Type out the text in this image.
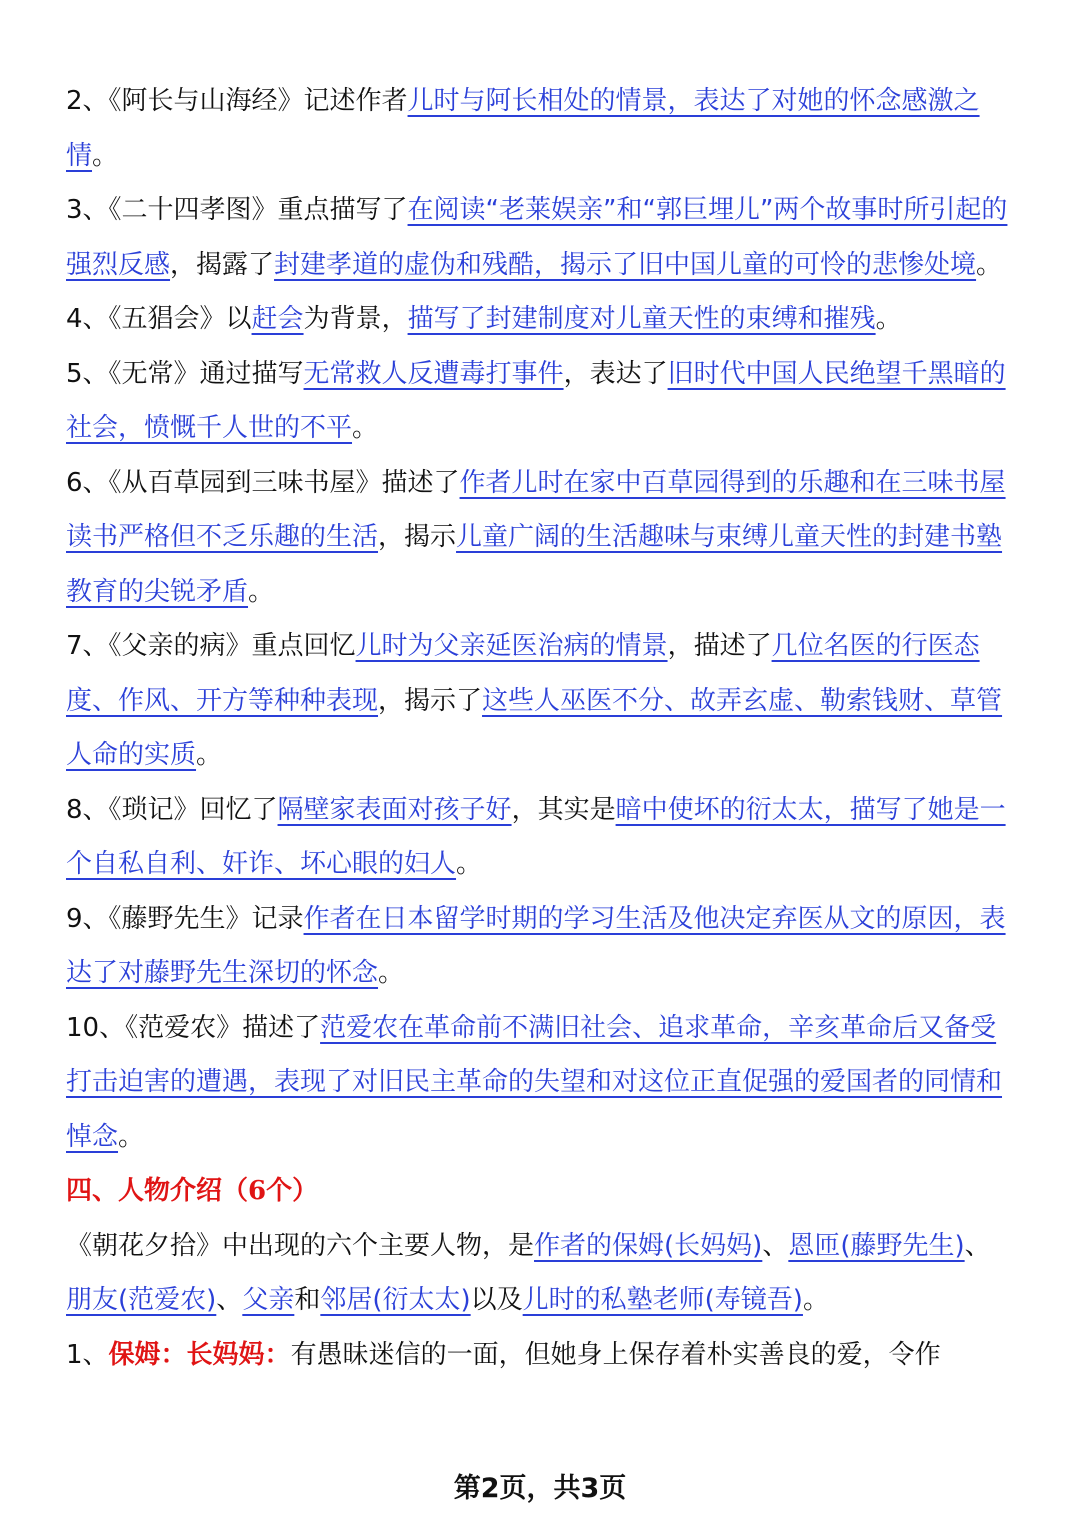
2、《阿长与山海经》记述作者儿时与阿长相处的情景，表达了对她的怀念感激之情。

3、《二十四孝图》重点描写了在阅读“老莱娱亲”和“郭巨埋儿”两个故事时所引起的强烈反感，揭露了封建孝道的虚伪和残酷，揭示了旧中国儿童的可怜的悲惨处境。

4、《五猖会》以赶会为背景，描写了封建制度对儿童天性的束缚和摧残。

5、《无常》通过描写无常救人反遭毒打事件，表达了旧时代中国人民绝望千黑暗的社会，愤慨千人世的不平。

6、《从百草园到三味书屋》描述了作者儿时在家中百草园得到的乐趣和在三味书屋读书严格但不乏乐趣的生活，揭示儿童广阔的生活趣味与束缚儿童天性的封建书塾教育的尖锐矛盾。

7、《父亲的病》重点回忆儿时为父亲延医治病的情景，描述了几位名医的行医态度、作风、开方等种种表现，揭示了这些人巫医不分、故弄玄虚、勒索钱财、草管人命的实质。

8、《琐记》回忆了隔壁家表面对孩子好，其实是暗中使坏的衍太太，描写了她是一个自私自利、奸诈、坏心眼的妇人。

9、《藤野先生》记录作者在日本留学时期的学习生活及他决定弃医从文的原因，表达了对藤野先生深切的怀念。

10、《范爱农》描述了范爱农在革命前不满旧社会、追求革命，辛亥革命后又备受打击迫害的遭遇，表现了对旧民主革命的失望和对这位正直促强的爱国者的同情和悼念。

四、人物介绍（6个）

《朝花夕拾》中出现的六个主要人物，是作者的保姆(长妈妈)、恩匝(藤野先生)、朋友(范爱农)、父亲和邻居(衍太太)以及儿时的私塾老师(寿镜吾)。

1、保姆：长妈妈：有愚昧迷信的一面，但她身上保存着朴实善良的爱，令作

第2页，共3页
